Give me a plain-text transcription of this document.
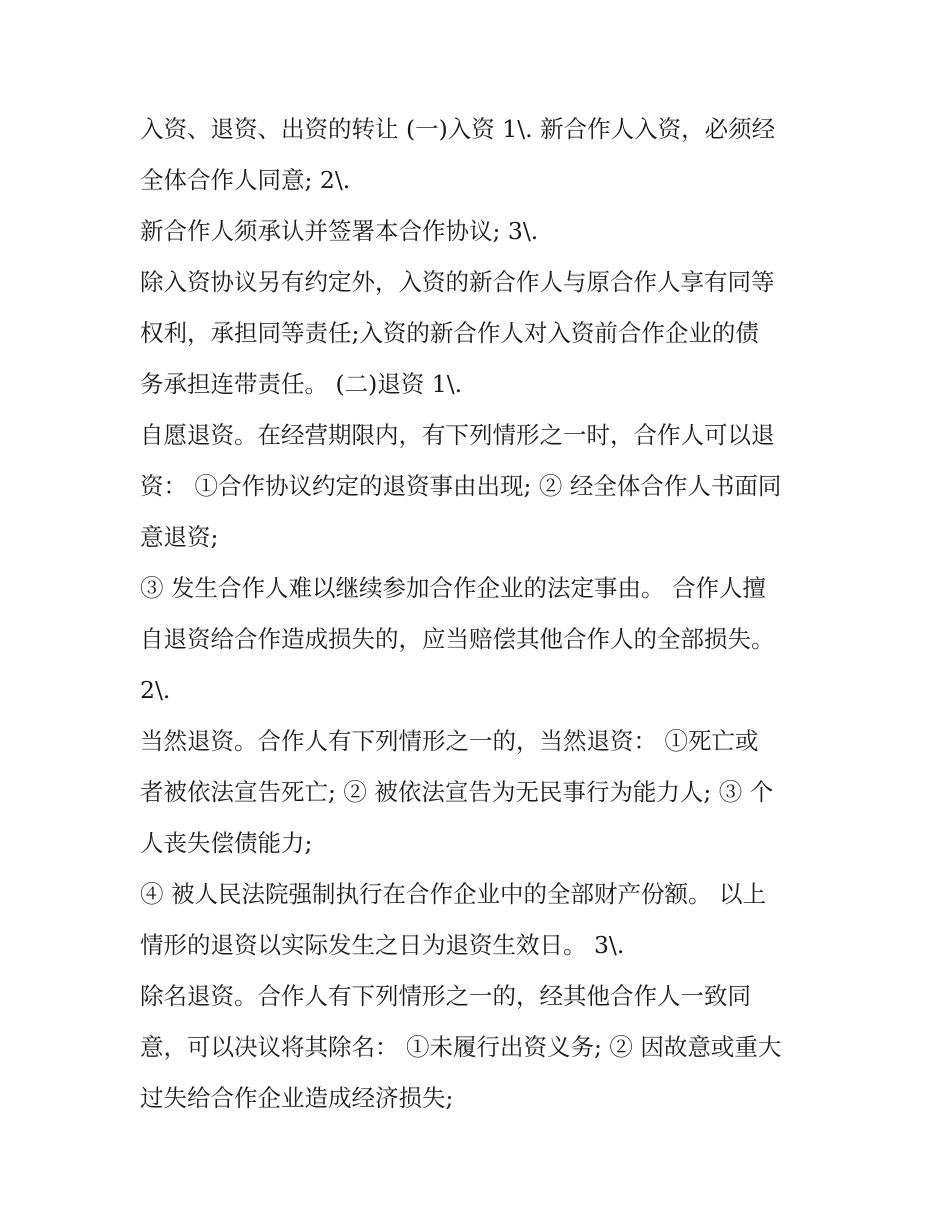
入资、退资、出资的转让 (一)入资 1\. 新合作人入资，必须经
全体合作人同意; 2\.
新合作人须承认并签署本合作协议; 3\.
除入资协议另有约定外，入资的新合作人与原合作人享有同等
权利，承担同等责任;入资的新合作人对入资前合作企业的债
务承担连带责任。 (二)退资 1\.
自愿退资。在经营期限内，有下列情形之一时，合作人可以退
资： ①合作协议约定的退资事由出现; ② 经全体合作人书面同
意退资;
③ 发生合作人难以继续参加合作企业的法定事由。 合作人擅
自退资给合作造成损失的，应当赔偿其他合作人的全部损失。
2\.
当然退资。合作人有下列情形之一的，当然退资： ①死亡或
者被依法宣告死亡; ② 被依法宣告为无民事行为能力人; ③ 个
人丧失偿债能力;
④ 被人民法院强制执行在合作企业中的全部财产份额。 以上
情形的退资以实际发生之日为退资生效日。 3\.
除名退资。合作人有下列情形之一的，经其他合作人一致同
意，可以决议将其除名： ①未履行出资义务; ② 因故意或重大
过失给合作企业造成经济损失;
